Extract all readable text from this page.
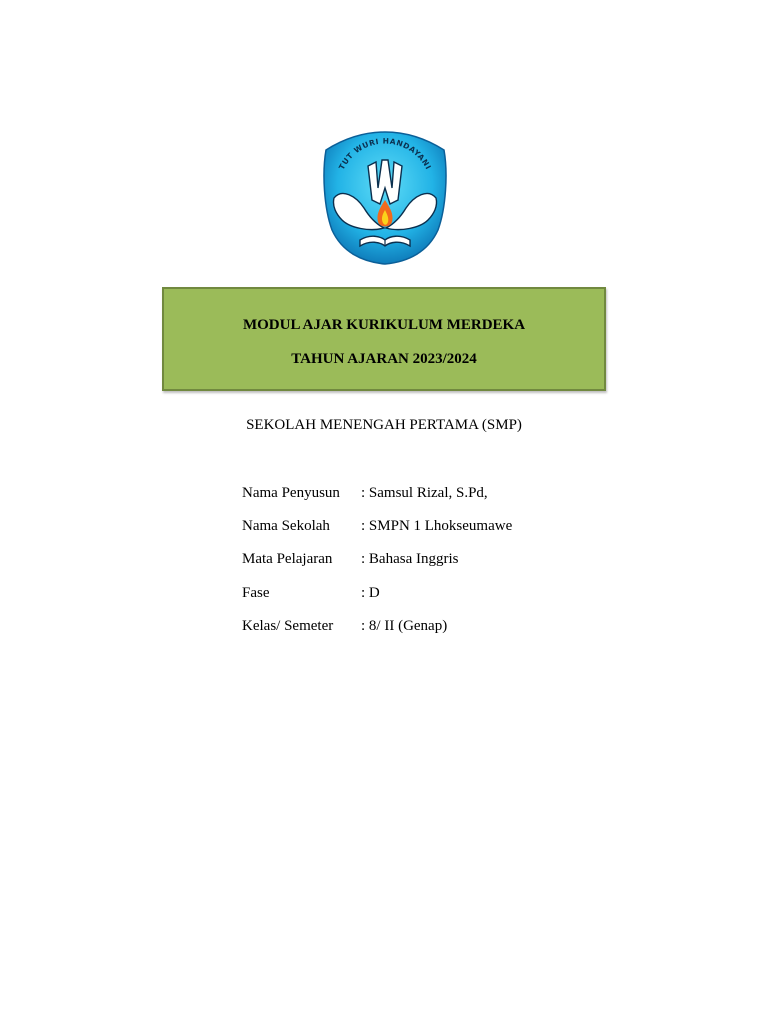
TUT WURI HANDAYANI
MODUL AJAR KURIKULUM MERDEKA
TAHUN AJARAN 2023/2024
SEKOLAH MENENGAH PERTAMA (SMP)
Nama Penyusun : Samsul Rizal, S.Pd,
Nama Sekolah : SMPN 1 Lhokseumawe
Mata Pelajaran : Bahasa Inggris
Fase	: D
Kelas/ Semeter : 8/ II (Genap)
